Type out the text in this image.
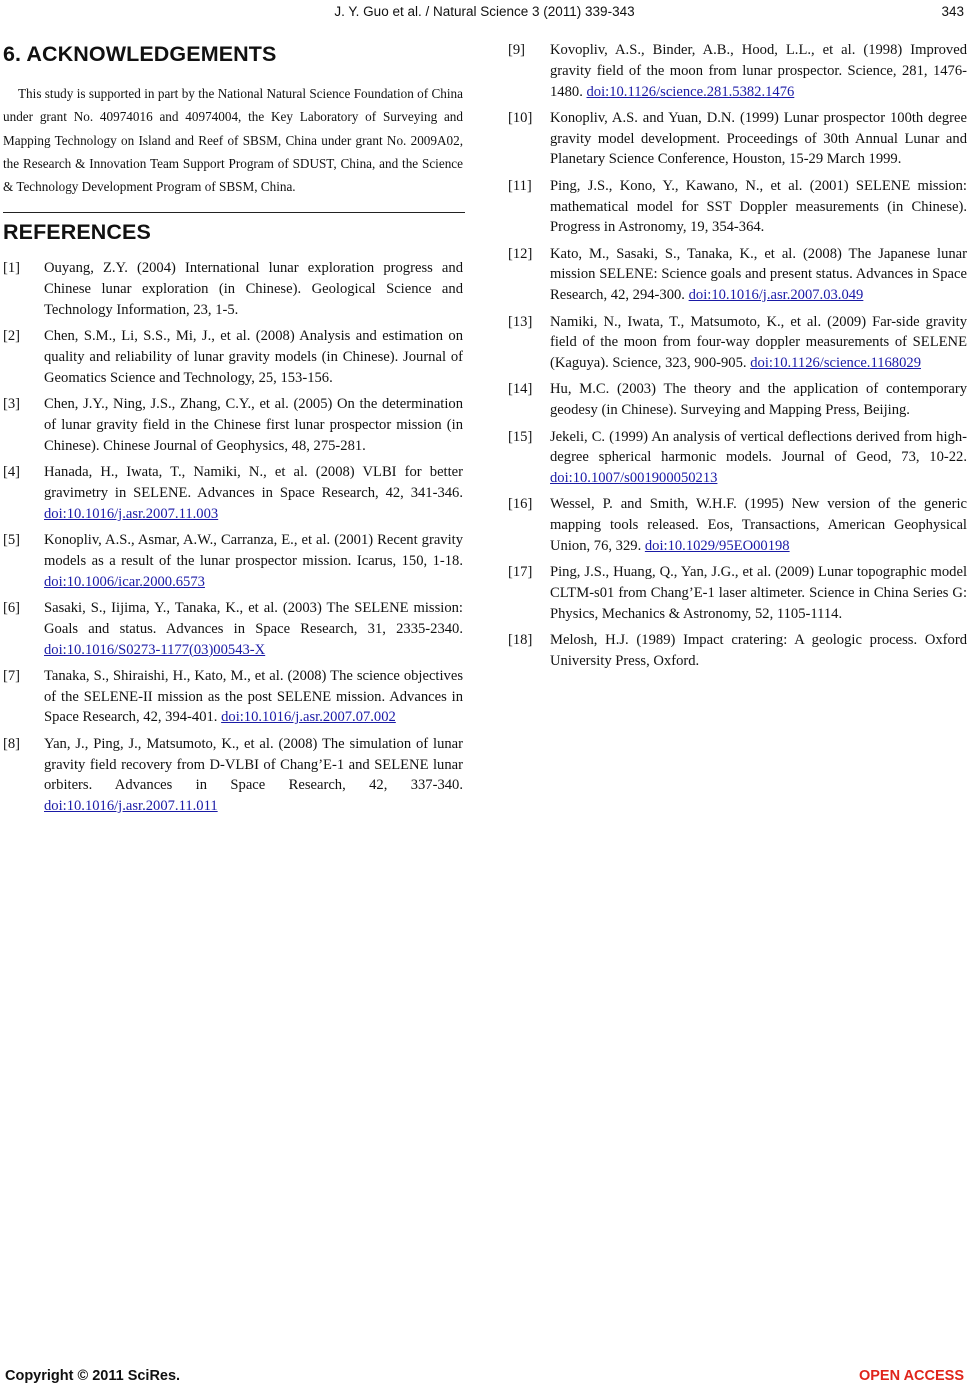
J. Y. Guo et al. / Natural Science 3 (2011) 339-343	343
6. ACKNOWLEDGEMENTS

This study is supported in part by the National Natural Science Foundation of China under grant No. 40974016 and 40974004, the Key Laboratory of Surveying and Mapping Technology on Island and Reef of SBSM, China under grant No. 2009A02, the Research & Innovation Team Support Program of SDUST, China, and the Science & Technology Development Program of SBSM, China.

REFERENCES
[1] Ouyang, Z.Y. (2004) International lunar exploration progress and Chinese lunar exploration (in Chinese). Geological Science and Technology Information, 23, 1-5.
[2] Chen, S.M., Li, S.S., Mi, J., et al. (2008) Analysis and estimation on quality and reliability of lunar gravity models (in Chinese). Journal of Geomatics Science and Technology, 25, 153-156.
[3] Chen, J.Y., Ning, J.S., Zhang, C.Y., et al. (2005) On the determination of lunar gravity field in the Chinese first lunar prospector mission (in Chinese). Chinese Journal of Geophysics, 48, 275-281.
[4] Hanada, H., Iwata, T., Namiki, N., et al. (2008) VLBI for better gravimetry in SELENE. Advances in Space Research, 42, 341-346. doi:10.1016/j.asr.2007.11.003
[5] Konopliv, A.S., Asmar, A.W., Carranza, E., et al. (2001) Recent gravity models as a result of the lunar prospector mission. Icarus, 150, 1-18. doi:10.1006/icar.2000.6573
[6] Sasaki, S., Iijima, Y., Tanaka, K., et al. (2003) The SELENE mission: Goals and status. Advances in Space Research, 31, 2335-2340. doi:10.1016/S0273-1177(03)00543-X
[7] Tanaka, S., Shiraishi, H., Kato, M., et al. (2008) The science objectives of the SELENE-II mission as the post SELENE mission. Advances in Space Research, 42, 394-401. doi:10.1016/j.asr.2007.07.002
[8] Yan, J., Ping, J., Matsumoto, K., et al. (2008) The simulation of lunar gravity field recovery from D-VLBI of Chang’E-1 and SELENE lunar orbiters. Advances in Space Research, 42, 337-340. doi:10.1016/j.asr.2007.11.011
[9] Kovopliv, A.S., Binder, A.B., Hood, L.L., et al. (1998) Improved gravity field of the moon from lunar prospector. Science, 281, 1476-1480. doi:10.1126/science.281.5382.1476
[10] Konopliv, A.S. and Yuan, D.N. (1999) Lunar prospector 100th degree gravity model development. Proceedings of 30th Annual Lunar and Planetary Science Conference, Houston, 15-29 March 1999.
[11] Ping, J.S., Kono, Y., Kawano, N., et al. (2001) SELENE mission: mathematical model for SST Doppler measurements (in Chinese). Progress in Astronomy, 19, 354-364.
[12] Kato, M., Sasaki, S., Tanaka, K., et al. (2008) The Japanese lunar mission SELENE: Science goals and present status. Advances in Space Research, 42, 294-300. doi:10.1016/j.asr.2007.03.049
[13] Namiki, N., Iwata, T., Matsumoto, K., et al. (2009) Far-side gravity field of the moon from four-way doppler measurements of SELENE (Kaguya). Science, 323, 900-905. doi:10.1126/science.1168029
[14] Hu, M.C. (2003) The theory and the application of contemporary geodesy (in Chinese). Surveying and Mapping Press, Beijing.
[15] Jekeli, C. (1999) An analysis of vertical deflections derived from high-degree spherical harmonic models. Journal of Geod, 73, 10-22. doi:10.1007/s001900050213
[16] Wessel, P. and Smith, W.H.F. (1995) New version of the generic mapping tools released. Eos, Transactions, American Geophysical Union, 76, 329. doi:10.1029/95EO00198
[17] Ping, J.S., Huang, Q., Yan, J.G., et al. (2009) Lunar topographic model CLTM-s01 from Chang’E-1 laser altimeter. Science in China Series G: Physics, Mechanics & Astronomy, 52, 1105-1114.
[18] Melosh, H.J. (1989) Impact cratering: A geologic process. Oxford University Press, Oxford.
Copyright © 2011 SciRes.	OPEN ACCESS
